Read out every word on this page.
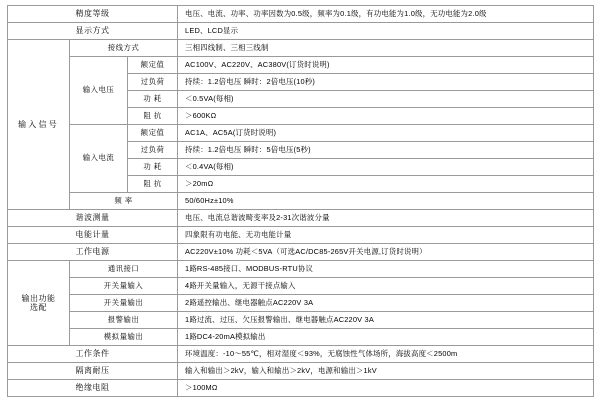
精度等级			电压、电流、功率、功率因数为0.5级，频率为0.1级，有功电能为1.0级，无功电能为2.0级
显示方式			LED、LCD显示
输入信号	接线方式		三相四线制、三相三线制
	输入电压	额定值	AC100V、AC220V、AC380V(订货时说明)
		过负荷	持续：1.2倍电压 瞬时：2倍电压(10秒)
		功 耗	＜0.5VA(每相)
		阻 抗	＞600KΩ
	输入电流	额定值	AC1A、AC5A(订货时说明)
		过负荷	持续：1.2倍电压 瞬时：5倍电压(5秒)
		功 耗	＜0.4VA(每相)
		阻 抗	＞20mΩ
	频 率		50/60Hz±10%
谐波测量			电压、电流总谐波畸变率及2-31次谐波分量
电能计量			四象限有功电能、无功电能计量
工作电源			AC220V±10% 功耗＜5VA（可选AC/DC85-265V开关电源,订货时说明）

输出功能
选配	通讯接口		1路RS-485接口、MODBUS-RTU协议
	开关量输入		4路开关量输入，无源干接点输入
	开关量输出		2路遥控输出、继电器触点AC220V 3A
	报警输出		1路过流、过压、欠压报警输出、继电器触点AC220V 3A
	模拟量输出		1路DC4-20mA模拟输出
工作条件			环境温度：-10～55℃，相对湿度＜93%，无腐蚀性气体场所，海拔高度＜2500m
隔离耐压			输入和输出＞2kV，输入和输出＞2kV，电源和输出＞1kV
绝缘电阻			＞100MΩ
